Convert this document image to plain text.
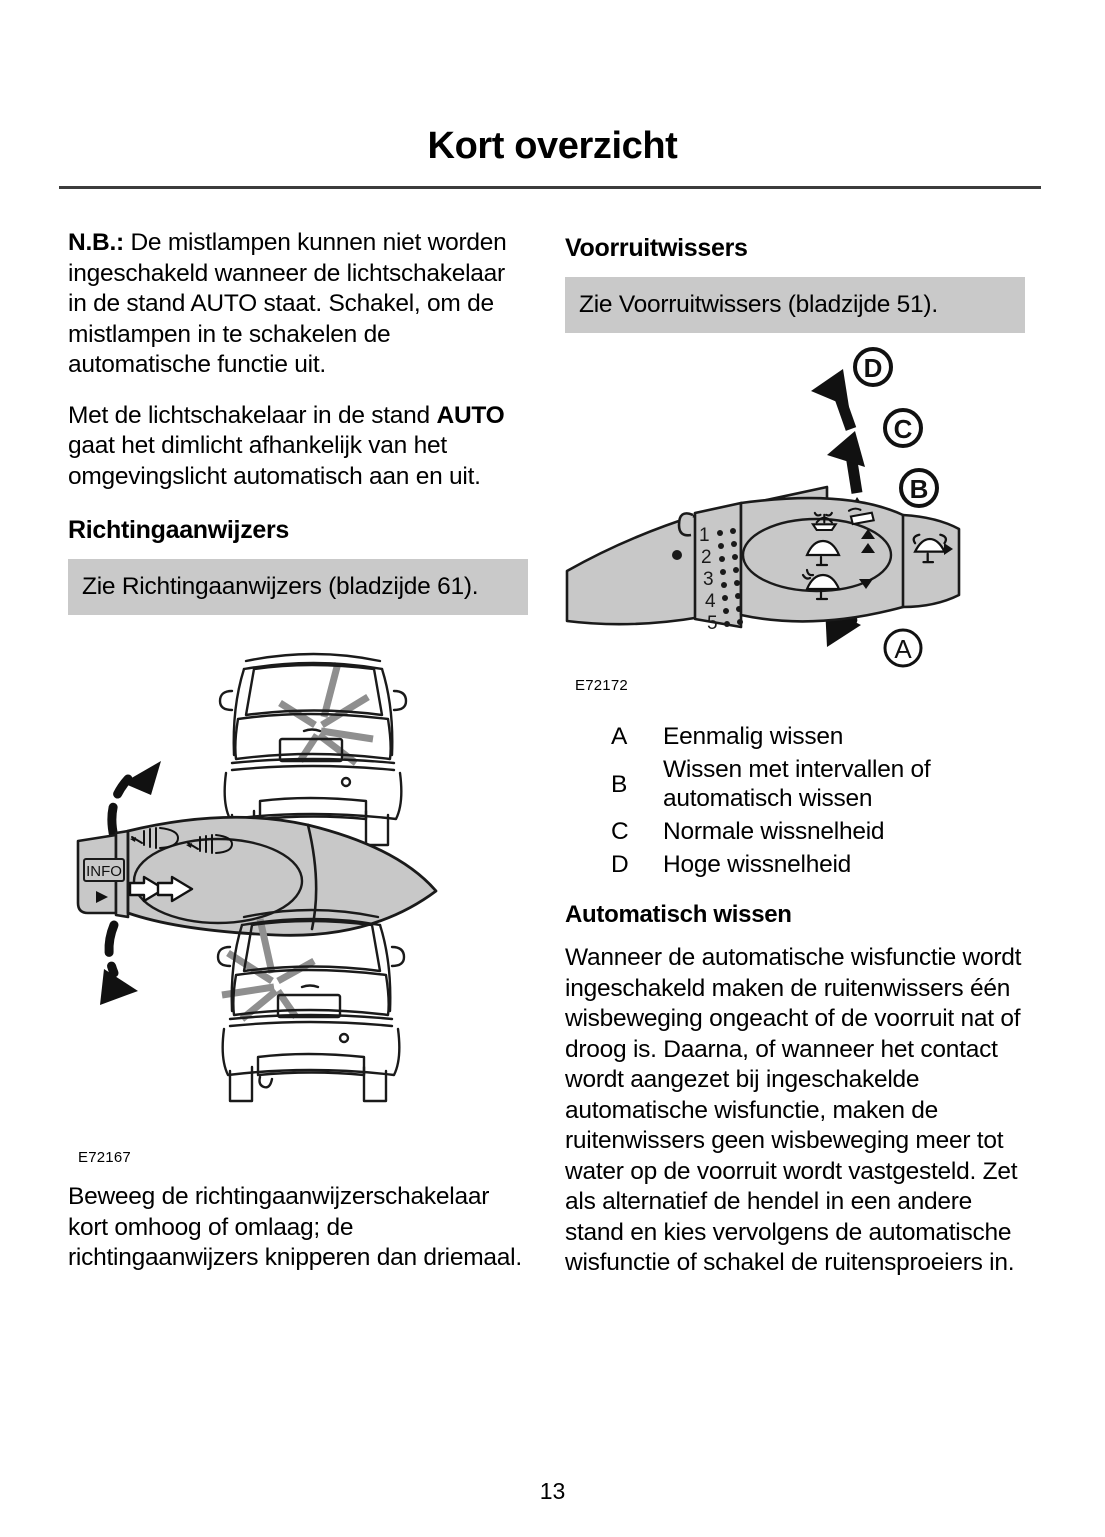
Kort overzicht

N.B.: De mistlampen kunnen niet worden ingeschakeld wanneer de lichtschakelaar in de stand AUTO staat. Schakel, om de mistlampen in te schakelen de automatische functie uit.

Met de lichtschakelaar in de stand AUTO gaat het dimlicht afhankelijk van het omgevingslicht automatisch aan en uit.

Richtingaanwijzers
Zie Richtingaanwijzers (bladzijde 61).
INFO
E72167

Beweeg de richtingaanwijzerschakelaar kort omhoog of omlaag; de richtingaanwijzers knipperen dan driemaal.

Voorruitwissers
Zie Voorruitwissers (bladzijde 51).
1
2
3
4
5
D
C
B
A
E72172
A	Eenmalig wissen
B	Wissen met intervallen of automatisch wissen
C	Normale wissnelheid
D	Hoge wissnelheid
Automatisch wissen

Wanneer de automatische wisfunctie wordt ingeschakeld maken de ruitenwissers één wisbeweging ongeacht of de voorruit nat of droog is. Daarna, of wanneer het contact wordt aangezet bij ingeschakelde automatische wisfunctie, maken de ruitenwissers geen wisbeweging meer tot water op de voorruit wordt vastgesteld. Zet als alternatief de hendel in een andere stand en kies vervolgens de automatische wisfunctie of schakel de ruitensproeiers in.

13
